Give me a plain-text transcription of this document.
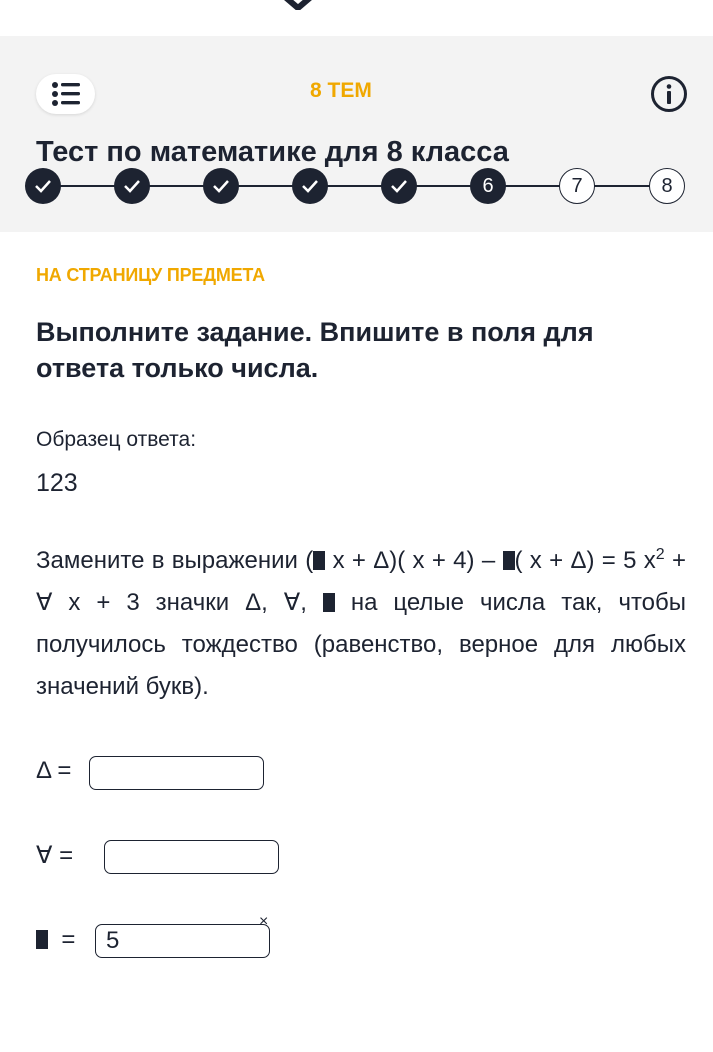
8 ТЕМ
Тест по математике для 8 класса
6	7	8
НА СТРАНИЦУ ПРЕДМЕТА
Выполните задание. Впишите в поля для ответа только числа.
Образец ответа:
123
Замените в выражении ( x + Δ)( x + 4) – ( x + Δ) = 5 $x^2$ + ∀ x + 3 значки Δ, ∀,  на целые числа так, чтобы получилось тождество (равенство, верное для любых значений букв).
Δ =
∀ =
=
5
×
